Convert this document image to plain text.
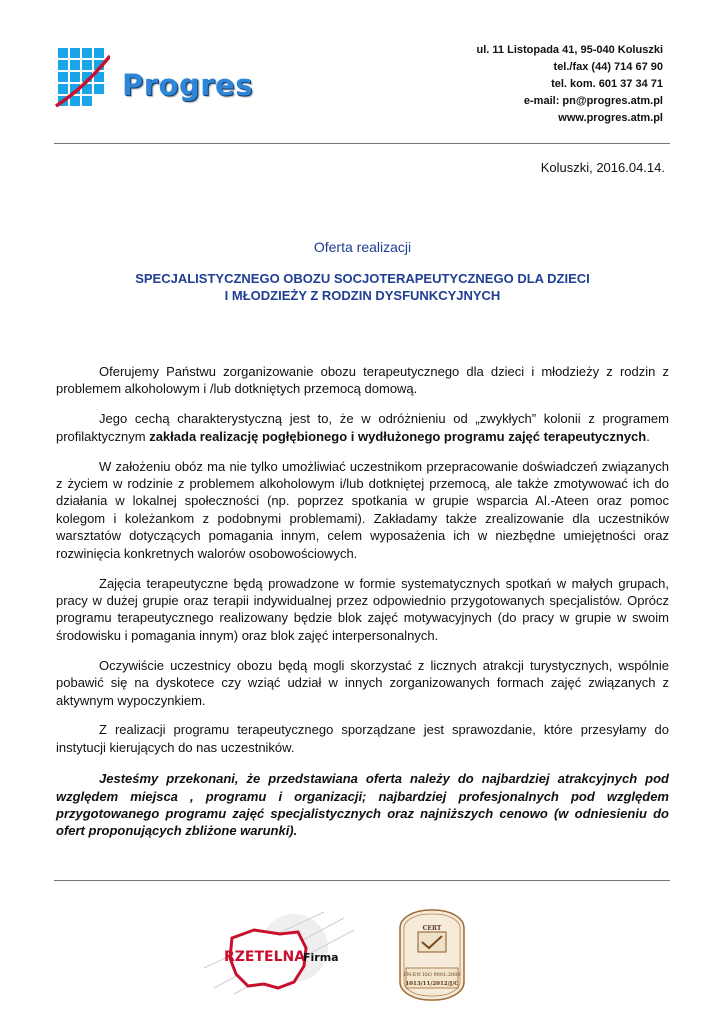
Progres
ul. 11 Listopada 41, 95-040 Koluszki
tel./fax (44) 714 67 90
tel. kom. 601 37 34 71
e-mail: pn@progres.atm.pl
www.progres.atm.pl
Koluszki, 2016.04.14.
Oferta realizacji
SPECJALISTYCZNEGO OBOZU SOCJOTERAPEUTYCZNEGO DLA DZIECI
I MŁODZIEŻY Z RODZIN DYSFUNKCYJNYCH

Oferujemy Państwu zorganizowanie obozu terapeutycznego dla dzieci i młodzieży z rodzin z problemem alkoholowym i /lub dotkniętych przemocą domową.

Jego cechą charakterystyczną jest to, że w odróżnieniu od „zwykłych” kolonii z programem profilaktycznym zakłada realizację pogłębionego i wydłużonego programu zajęć terapeutycznych.

W założeniu obóz ma nie tylko umożliwiać uczestnikom przepracowanie doświadczeń związanych z życiem w rodzinie z problemem alkoholowym i/lub dotkniętej przemocą, ale także zmotywować ich do działania w lokalnej społeczności (np. poprzez spotkania w grupie wsparcia Al.-Ateen oraz pomoc kolegom i koleżankom z podobnymi problemami). Zakładamy także zrealizowanie dla uczestników warsztatów dotyczących pomagania innym, celem wyposażenia ich w niezbędne umiejętności oraz rozwinięcia konkretnych walorów osobowościowych.

Zajęcia terapeutyczne będą prowadzone w formie systematycznych spotkań w małych grupach, pracy w dużej grupie oraz terapii indywidualnej przez odpowiednio przygotowanych specjalistów. Oprócz programu terapeutycznego realizowany będzie blok zajęć motywacyjnych (do pracy w grupie w swoim środowisku i pomagania innym) oraz blok zajęć interpersonalnych.

Oczywiście uczestnicy obozu będą mogli skorzystać z licznych atrakcji turystycznych, wspólnie pobawić się na dyskotece czy wziąć udział w innych zorganizowanych formach zajęć związanych z aktywnym wypoczynkiem.

Z realizacji programu terapeutycznego sporządzane jest sprawozdanie, które przesyłamy do instytucji kierujących do nas uczestników.

Jesteśmy przekonani, że przedstawiana oferta należy do najbardziej atrakcyjnych pod względem miejsca , programu i organizacji; najbardziej profesjonalnych pod względem przygotowanego programu zajęć specjalistycznych oraz najniższych cenowo (w odniesieniu do ofert proponujących zbliżone warunki).

RZETELNA
Firma
CERT
PN-EN ISO 9001:2009
1013/11/2012/J/C
